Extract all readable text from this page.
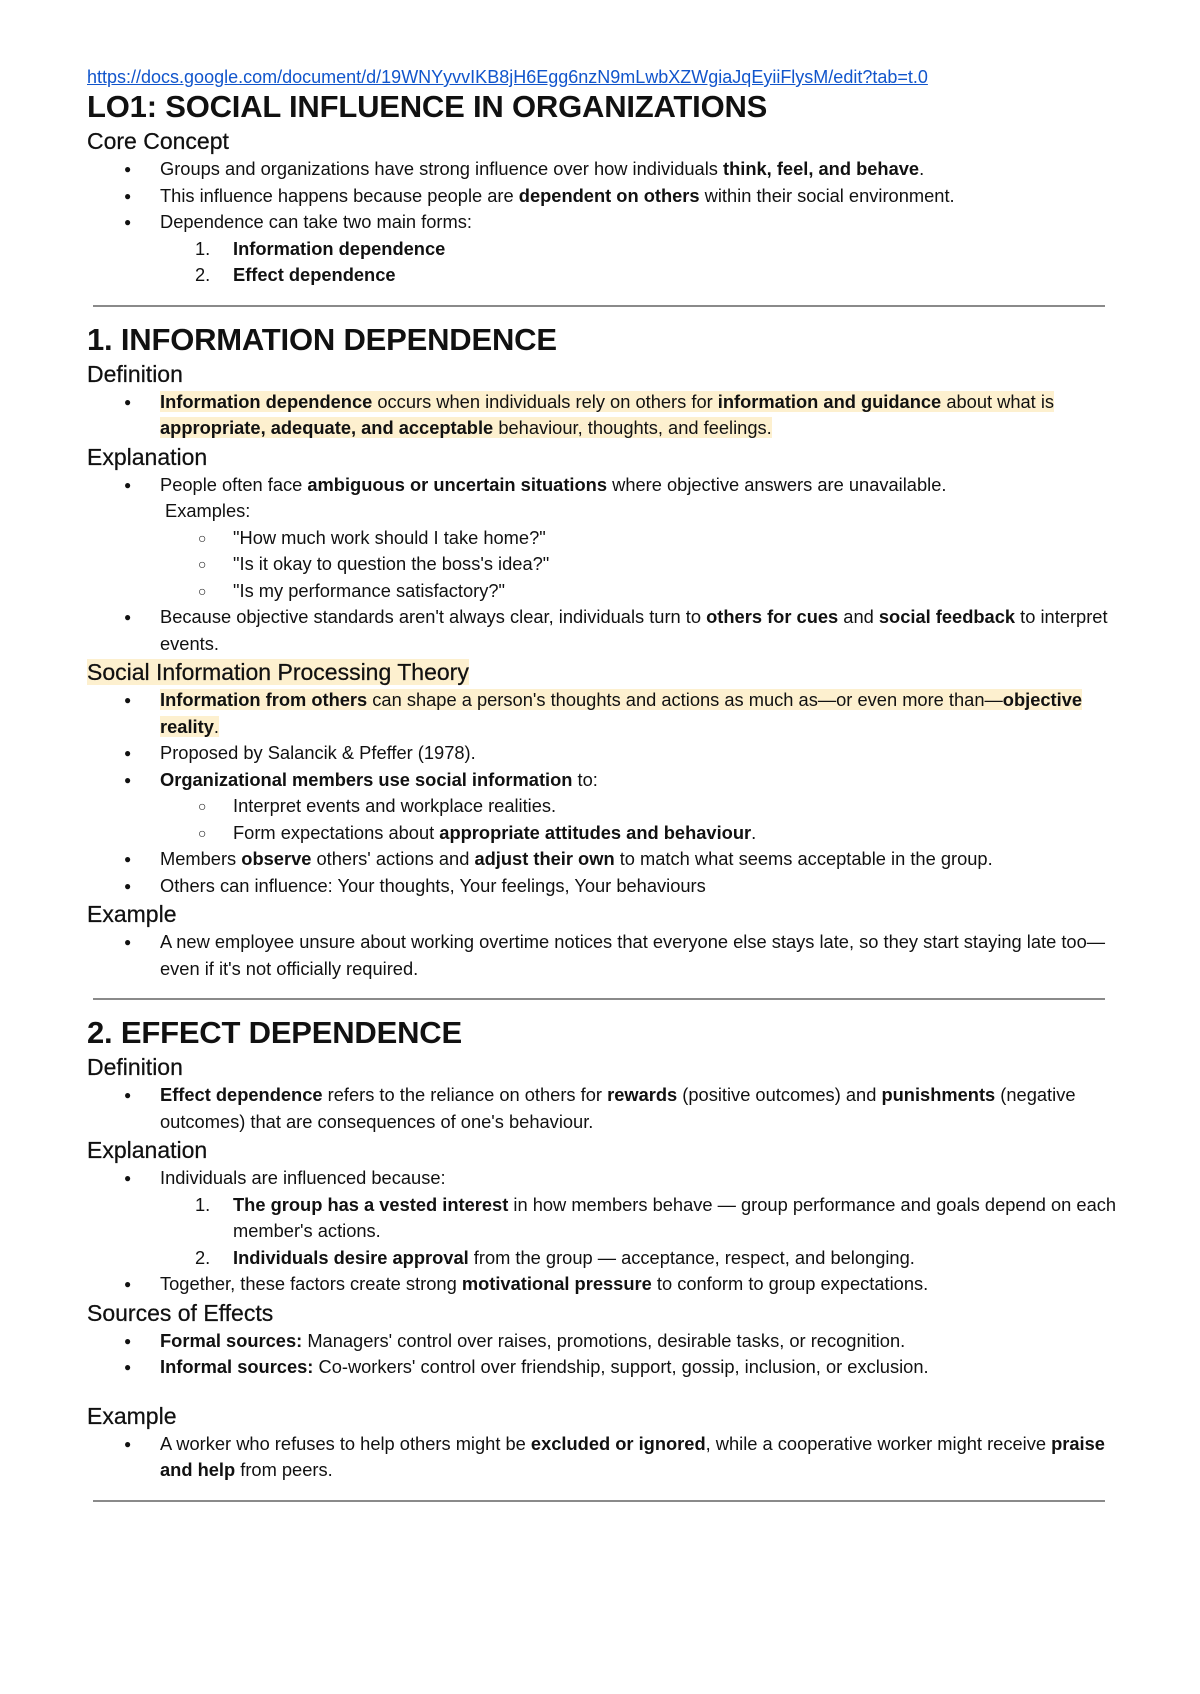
https://docs.google.com/document/d/19WNYyvvIKB8jH6Egg6nzN9mLwbXZWgiaJqEyiiFlysM/edit?tab=t.0
LO1: SOCIAL INFLUENCE IN ORGANIZATIONS
Core Concept
● Groups and organizations have strong influence over how individuals think, feel, and behave.
● This influence happens because people are dependent on others within their social environment.
● Dependence can take two main forms:
1. Information dependence
2. Effect dependence
1. INFORMATION DEPENDENCE
Definition
● Information dependence occurs when individuals rely on others for information and guidance about what is appropriate, adequate, and acceptable behaviour, thoughts, and feelings.
Explanation
● People often face ambiguous or uncertain situations where objective answers are unavailable.
Examples:
○ "How much work should I take home?"
○ "Is it okay to question the boss's idea?"
○ "Is my performance satisfactory?"
● Because objective standards aren't always clear, individuals turn to others for cues and social feedback to interpret events.
Social Information Processing Theory
● Information from others can shape a person's thoughts and actions as much as—or even more than—objective reality.
● Proposed by Salancik & Pfeffer (1978).
● Organizational members use social information to:
○ Interpret events and workplace realities.
○ Form expectations about appropriate attitudes and behaviour.
● Members observe others' actions and adjust their own to match what seems acceptable in the group.
● Others can influence: Your thoughts, Your feelings, Your behaviours
Example
● A new employee unsure about working overtime notices that everyone else stays late, so they start staying late too—even if it's not officially required.
2. EFFECT DEPENDENCE
Definition
● Effect dependence refers to the reliance on others for rewards (positive outcomes) and punishments (negative outcomes) that are consequences of one's behaviour.
Explanation
● Individuals are influenced because:
1. The group has a vested interest in how members behave — group performance and goals depend on each member's actions.
2. Individuals desire approval from the group — acceptance, respect, and belonging.
● Together, these factors create strong motivational pressure to conform to group expectations.
Sources of Effects
● Formal sources: Managers' control over raises, promotions, desirable tasks, or recognition.
● Informal sources: Co-workers' control over friendship, support, gossip, inclusion, or exclusion.
Example
● A worker who refuses to help others might be excluded or ignored, while a cooperative worker might receive praise and help from peers.
